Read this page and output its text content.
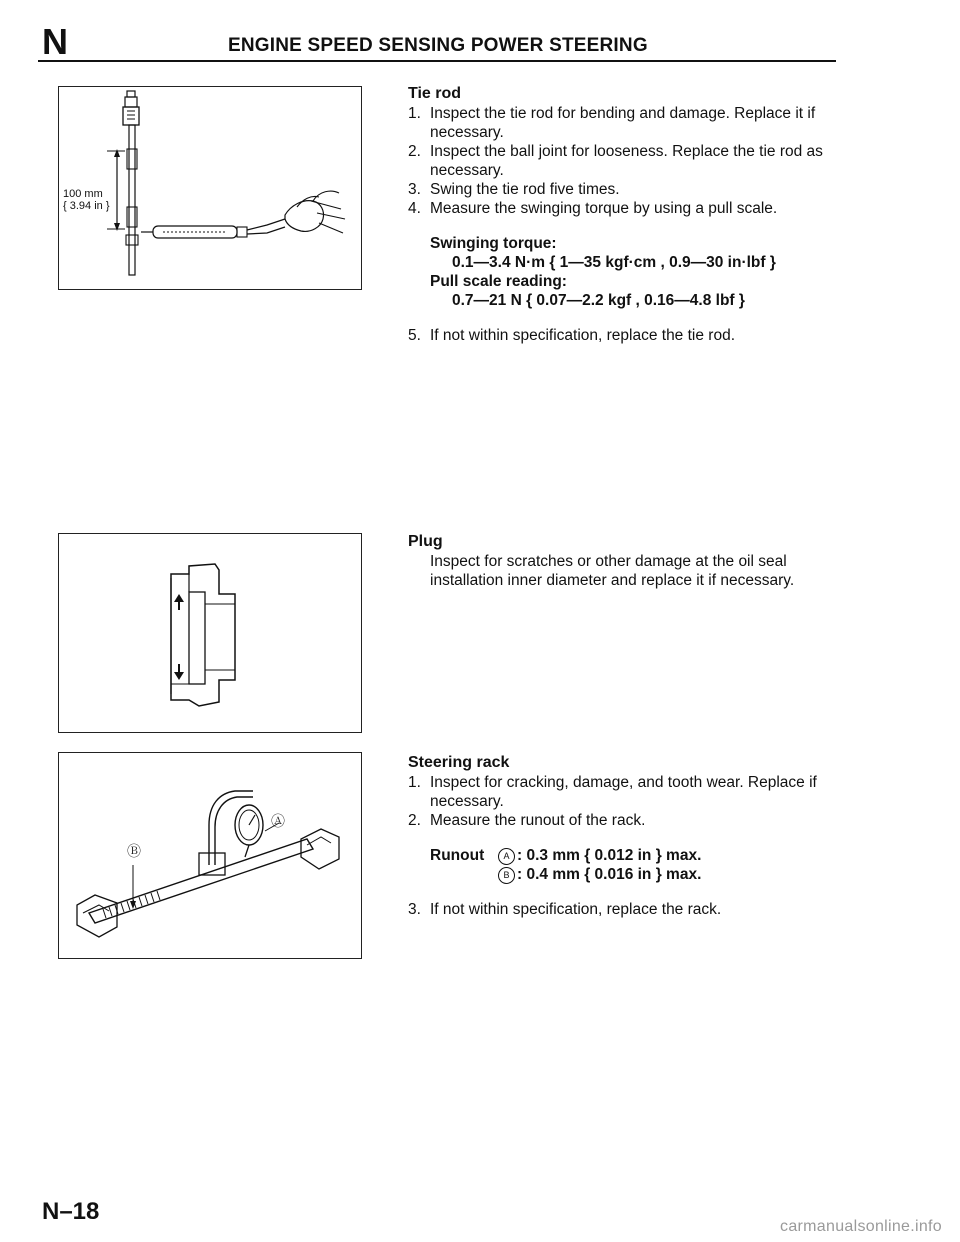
N	ENGINE SPEED SENSING POWER STEERING
100 mm
{ 3.94 in }
Tie rod
1. Inspect the tie rod for bending and damage. Replace it if necessary.
2. Inspect the ball joint for looseness. Replace the tie rod as necessary.
3. Swing the tie rod five times.
4. Measure the swinging torque by using a pull scale.
Swinging torque:
0.1—3.4 N·m { 1—35 kgf·cm , 0.9—30 in·lbf }
Pull scale reading:
0.7—21 N { 0.07—2.2 kgf , 0.16—4.8 lbf }
5. If not within specification, replace the tie rod.
Plug
Inspect for scratches or other damage at the oil seal installation inner diameter and replace it if necessary.
Ⓐ
Ⓑ
Steering rack
1. Inspect for cracking, damage, and tooth wear. Replace if necessary.
2. Measure the runout of the rack.
Runout	A : 0.3 mm { 0.012 in } max.
B : 0.4 mm { 0.016 in } max.
3. If not within specification, replace the rack.
N–18
carmanualsonline.info
